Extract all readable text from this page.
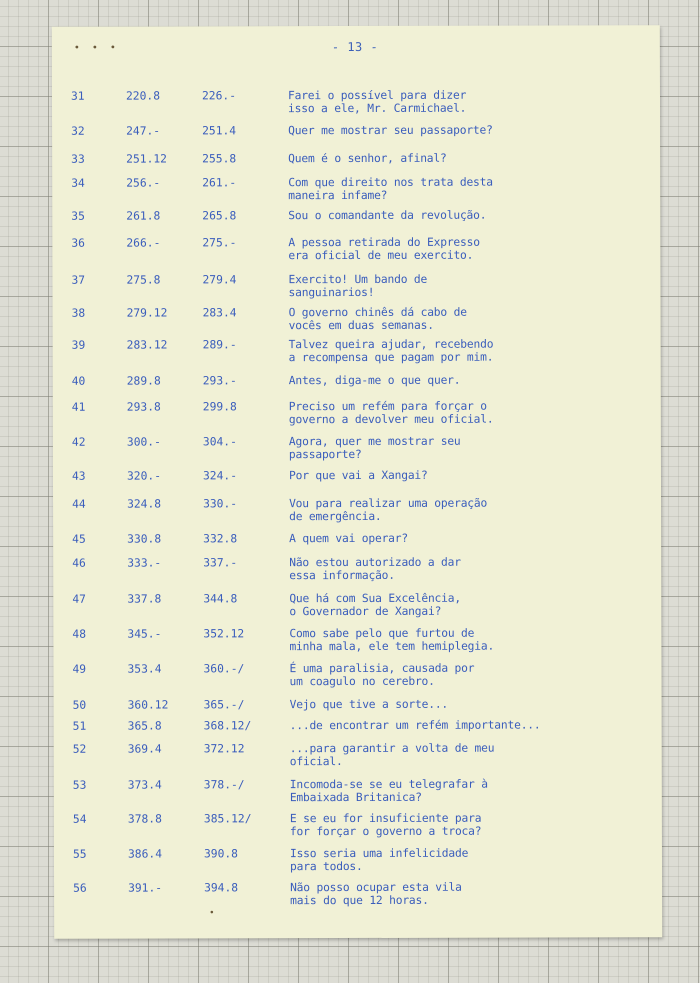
•••	- 13 -
31	220.8	226.-	Farei o possível para dizer
isso a ele, Mr. Carmichael.
32	247.-	251.4	Quer me mostrar seu passaporte?
33	251.12	255.8	Quem é o senhor, afinal?
34	256.-	261.-	Com que direito nos trata desta
maneira infame?
35	261.8	265.8	Sou o comandante da revolução.
36	266.-	275.-	A pessoa retirada do Expresso
era oficial de meu exercito.
37	275.8	279.4	Exercito! Um bando de
sanguinarios!
38	279.12	283.4	O governo chinês dá cabo de
vocês em duas semanas.
39	283.12	289.-	Talvez queira ajudar, recebendo
a recompensa que pagam por mim.
40	289.8	293.-	Antes, diga-me o que quer.
41	293.8	299.8	Preciso um refém para forçar o
governo a devolver meu oficial.
42	300.-	304.-	Agora, quer me mostrar seu
passaporte?
43	320.-	324.-	Por que vai a Xangai?
44	324.8	330.-	Vou para realizar uma operação
de emergência.
45	330.8	332.8	A quem vai operar?
46	333.-	337.-	Não estou autorizado a dar
essa informação.
47	337.8	344.8	Que há com Sua Excelência,
o Governador de Xangai?
48	345.-	352.12	Como sabe pelo que furtou de
minha mala, ele tem hemiplegia.
49	353.4	360.-/	É uma paralisia, causada por
um coagulo no cerebro.
50	360.12	365.-/	Vejo que tive a sorte...
51	365.8	368.12/	...de encontrar um refém importante...
52	369.4	372.12	...para garantir a volta de meu
oficial.
53	373.4	378.-/	Incomoda-se se eu telegrafar à
Embaixada Britanica?
54	378.8	385.12/	E se eu for insuficiente para
for forçar o governo a troca?
55	386.4	390.8	Isso seria uma infelicidade
para todos.
56	391.-	394.8	Não posso ocupar esta vila
mais do que 12 horas.
•
